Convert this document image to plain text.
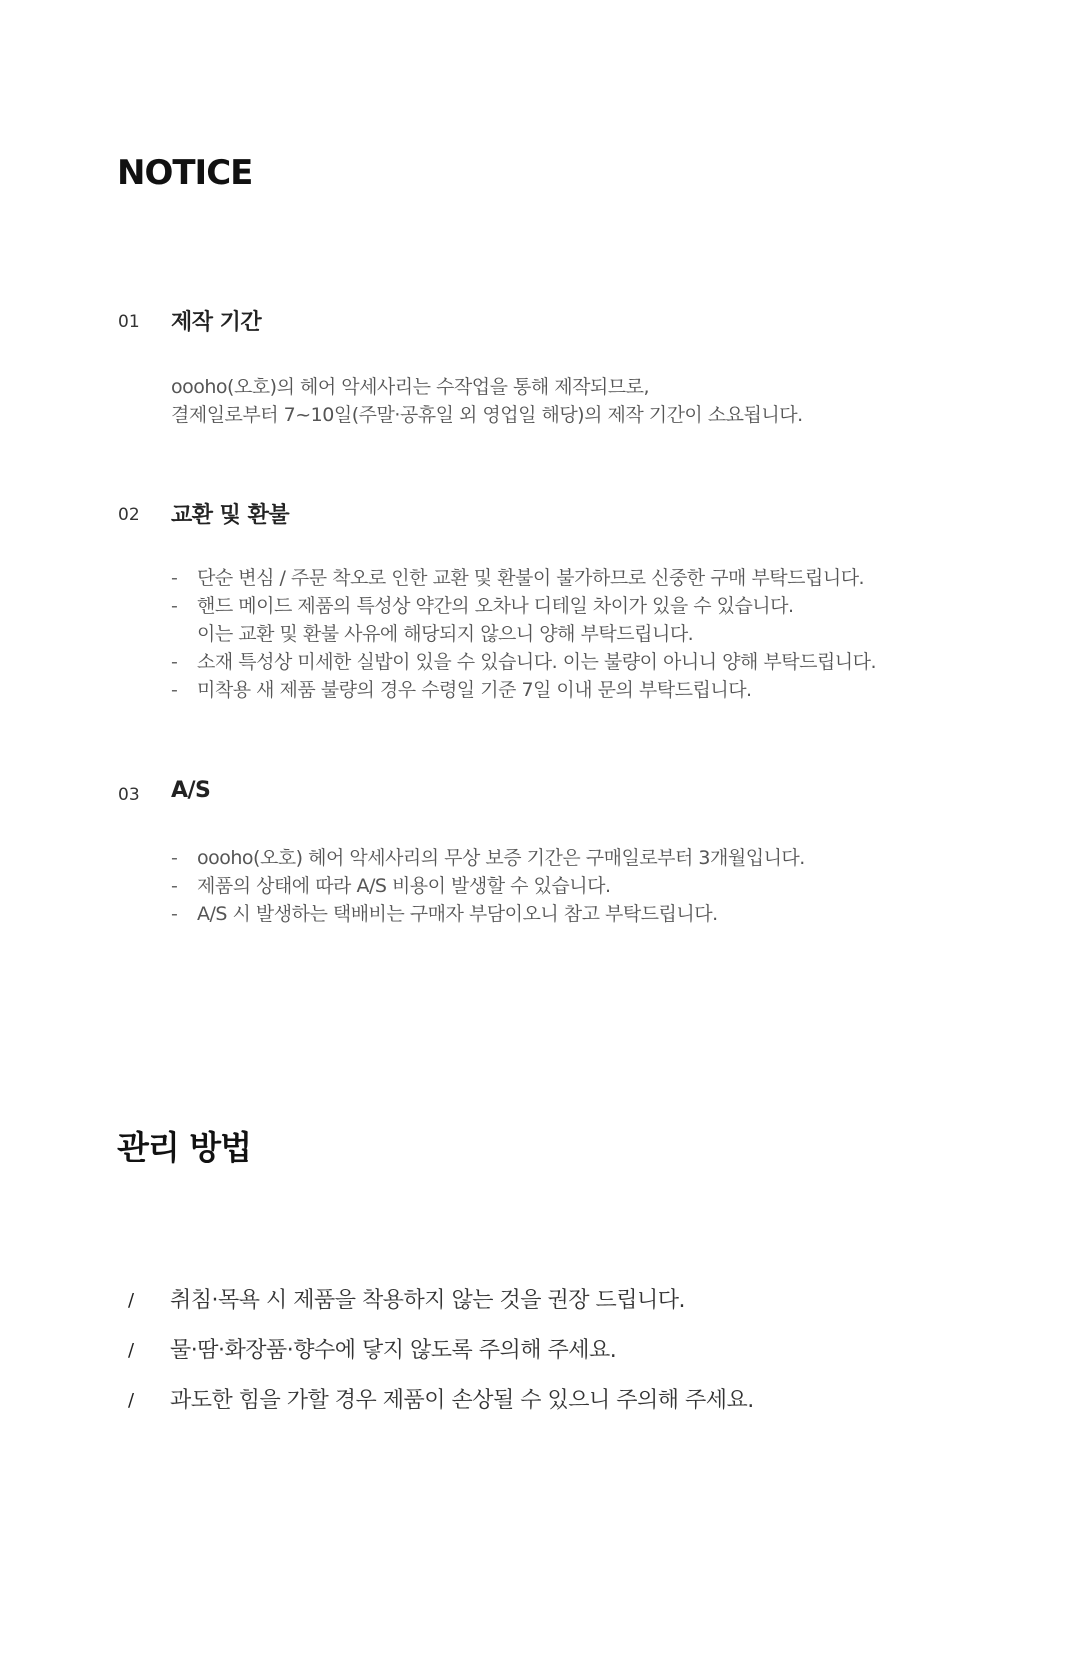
NOTICE
01 제작 기간
oooho(오호)의 헤어 악세사리는 수작업을 통해 제작되므로,
결제일로부터 7~10일(주말·공휴일 외 영업일 해당)의 제작 기간이 소요됩니다.
02 교환 및 환불
- 단순 변심 / 주문 착오로 인한 교환 및 환불이 불가하므로 신중한 구매 부탁드립니다.
- 핸드 메이드 제품의 특성상 약간의 오차나 디테일 차이가 있을 수 있습니다.
이는 교환 및 환불 사유에 해당되지 않으니 양해 부탁드립니다.
- 소재 특성상 미세한 실밥이 있을 수 있습니다. 이는 불량이 아니니 양해 부탁드립니다.
- 미착용 새 제품 불량의 경우 수령일 기준 7일 이내 문의 부탁드립니다.
03 A/S
- oooho(오호) 헤어 악세사리의 무상 보증 기간은 구매일로부터 3개월입니다.
- 제품의 상태에 따라 A/S 비용이 발생할 수 있습니다.
- A/S 시 발생하는 택배비는 구매자 부담이오니 참고 부탁드립니다.
관리 방법
/ 취침·목욕 시 제품을 착용하지 않는 것을 권장 드립니다.
/ 물·땀·화장품·향수에 닿지 않도록 주의해 주세요.
/ 과도한 힘을 가할 경우 제품이 손상될 수 있으니 주의해 주세요.
